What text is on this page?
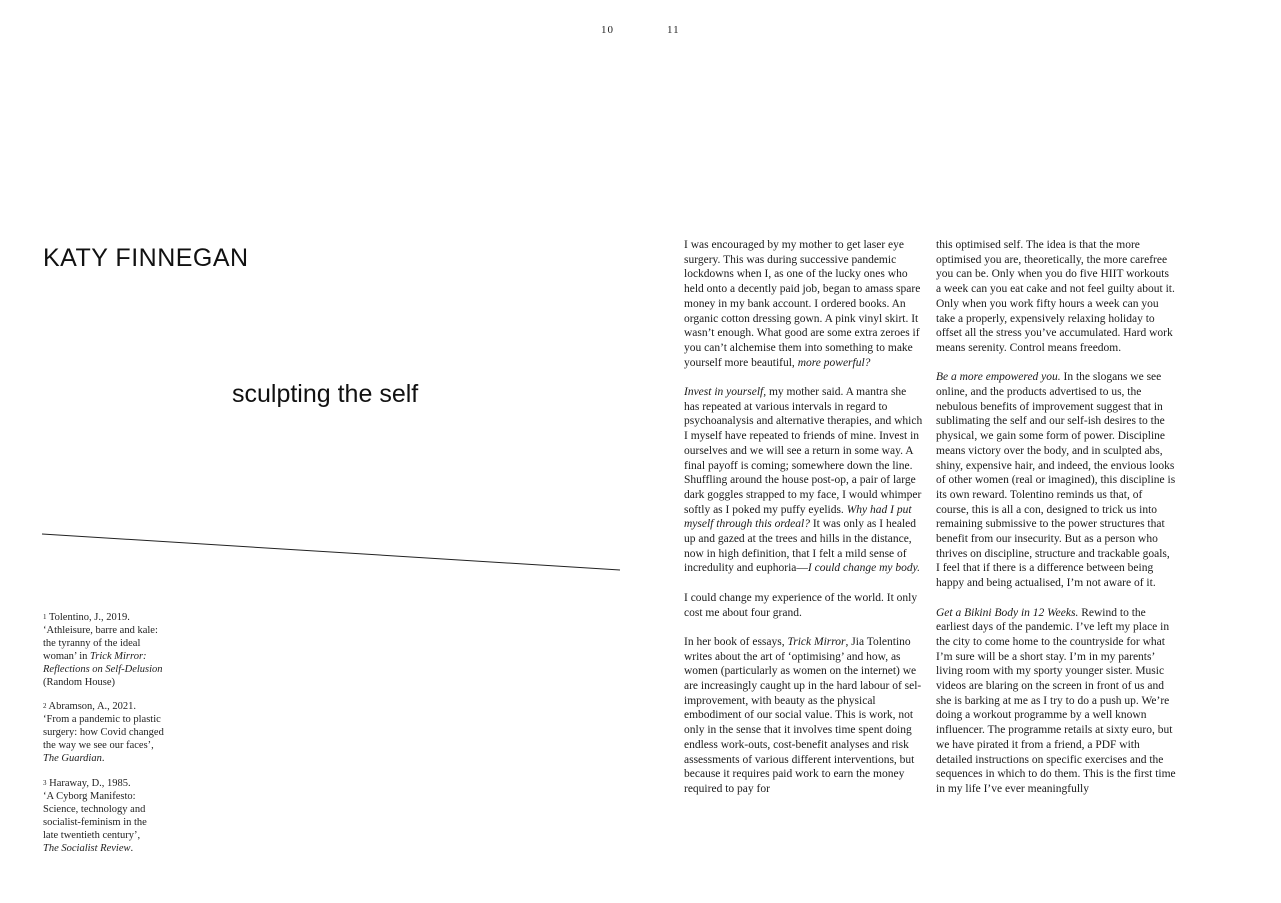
10	11
KATY FINNEGAN
sculpting the self
$^1$ Tolentino, J., 2019.
‘Athleisure, barre and kale:
the tyranny of the ideal
woman’ in Trick Mirror: Reflections on Self-Delusion (Random House)
$^2$ Abramson, A., 2021.
‘From a pandemic to plastic
surgery: how Covid changed
the way we see our faces’,
The Guardian.
$^3$ Haraway, D., 1985.
‘A Cyborg Manifesto:
Science, technology and
socialist-feminism in the
late twentieth century’,
The Socialist Review.

I was encouraged by my mother to get laser eye surgery. This was during successive pandemic lockdowns when I, as one of the lucky ones who held onto a decently paid job, began to amass spare money in my bank account. I ordered books. An organic cotton dressing gown. A pink vinyl skirt. It wasn’t enough. What good are some extra zeroes if you can’t alchemise them into something to make yourself more beautiful, more powerful?

Invest in yourself, my mother said. A mantra she has repeated at various intervals in regard to psychoanalysis and alternative therapies, and which I myself have repeated to friends of mine. Invest in ourselves and we will see a return in some way. A final payoff is coming; somewhere down the line. Shuffling around the house post-op, a pair of large dark goggles strapped to my face, I would whimper softly as I poked my puffy eyelids. Why had I put myself through this ordeal? It was only as I healed up and gazed at the trees and hills in the distance, now in high definition, that I felt a mild sense of incredulity and euphoria—I could change my body.

I could change my experience of the world. It only cost me about four grand.

In her book of essays, Trick Mirror, Jia Tolentino writes about the art of ‘optimising’ and how, as women (particularly as women on the internet) we are increasingly caught up in the hard labour of sel-improvement, with beauty as the physical embodiment of our social value. This is work, not only in the sense that it involves time spent doing endless work-outs, cost-benefit analyses and risk assessments of various different interventions, but because it requires paid work to earn the money required to pay for

this optimised self. The idea is that the more optimised you are, theoretically, the more carefree you can be. Only when you do five HIIT workouts a week can you eat cake and not feel guilty about it. Only when you work fifty hours a week can you take a properly, expensively relaxing holiday to offset all the stress you’ve accumulated. Hard work means serenity. Control means freedom.

Be a more empowered you. In the slogans we see online, and the products advertised to us, the nebulous benefits of improvement suggest that in sublimating the self and our self-ish desires to the physical, we gain some form of power. Discipline means victory over the body, and in sculpted abs, shiny, expensive hair, and indeed, the envious looks of other women (real or imagined), this discipline is its own reward. Tolentino reminds us that, of course, this is all a con, designed to trick us into remaining submissive to the power structures that benefit from our insecurity. But as a person who thrives on discipline, structure and trackable goals, I feel that if there is a difference between being happy and being actualised, I’m not aware of it.

Get a Bikini Body in 12 Weeks. Rewind to the earliest days of the pandemic. I’ve left my place in the city to come home to the countryside for what I’m sure will be a short stay. I’m in my parents’ living room with my sporty younger sister. Music videos are blaring on the screen in front of us and she is barking at me as I try to do a push up. We’re doing a workout programme by a well known influencer. The programme retails at sixty euro, but we have pirated it from a friend, a PDF with detailed instructions on specific exercises and the sequences in which to do them. This is the first time in my life I’ve ever meaningfully
